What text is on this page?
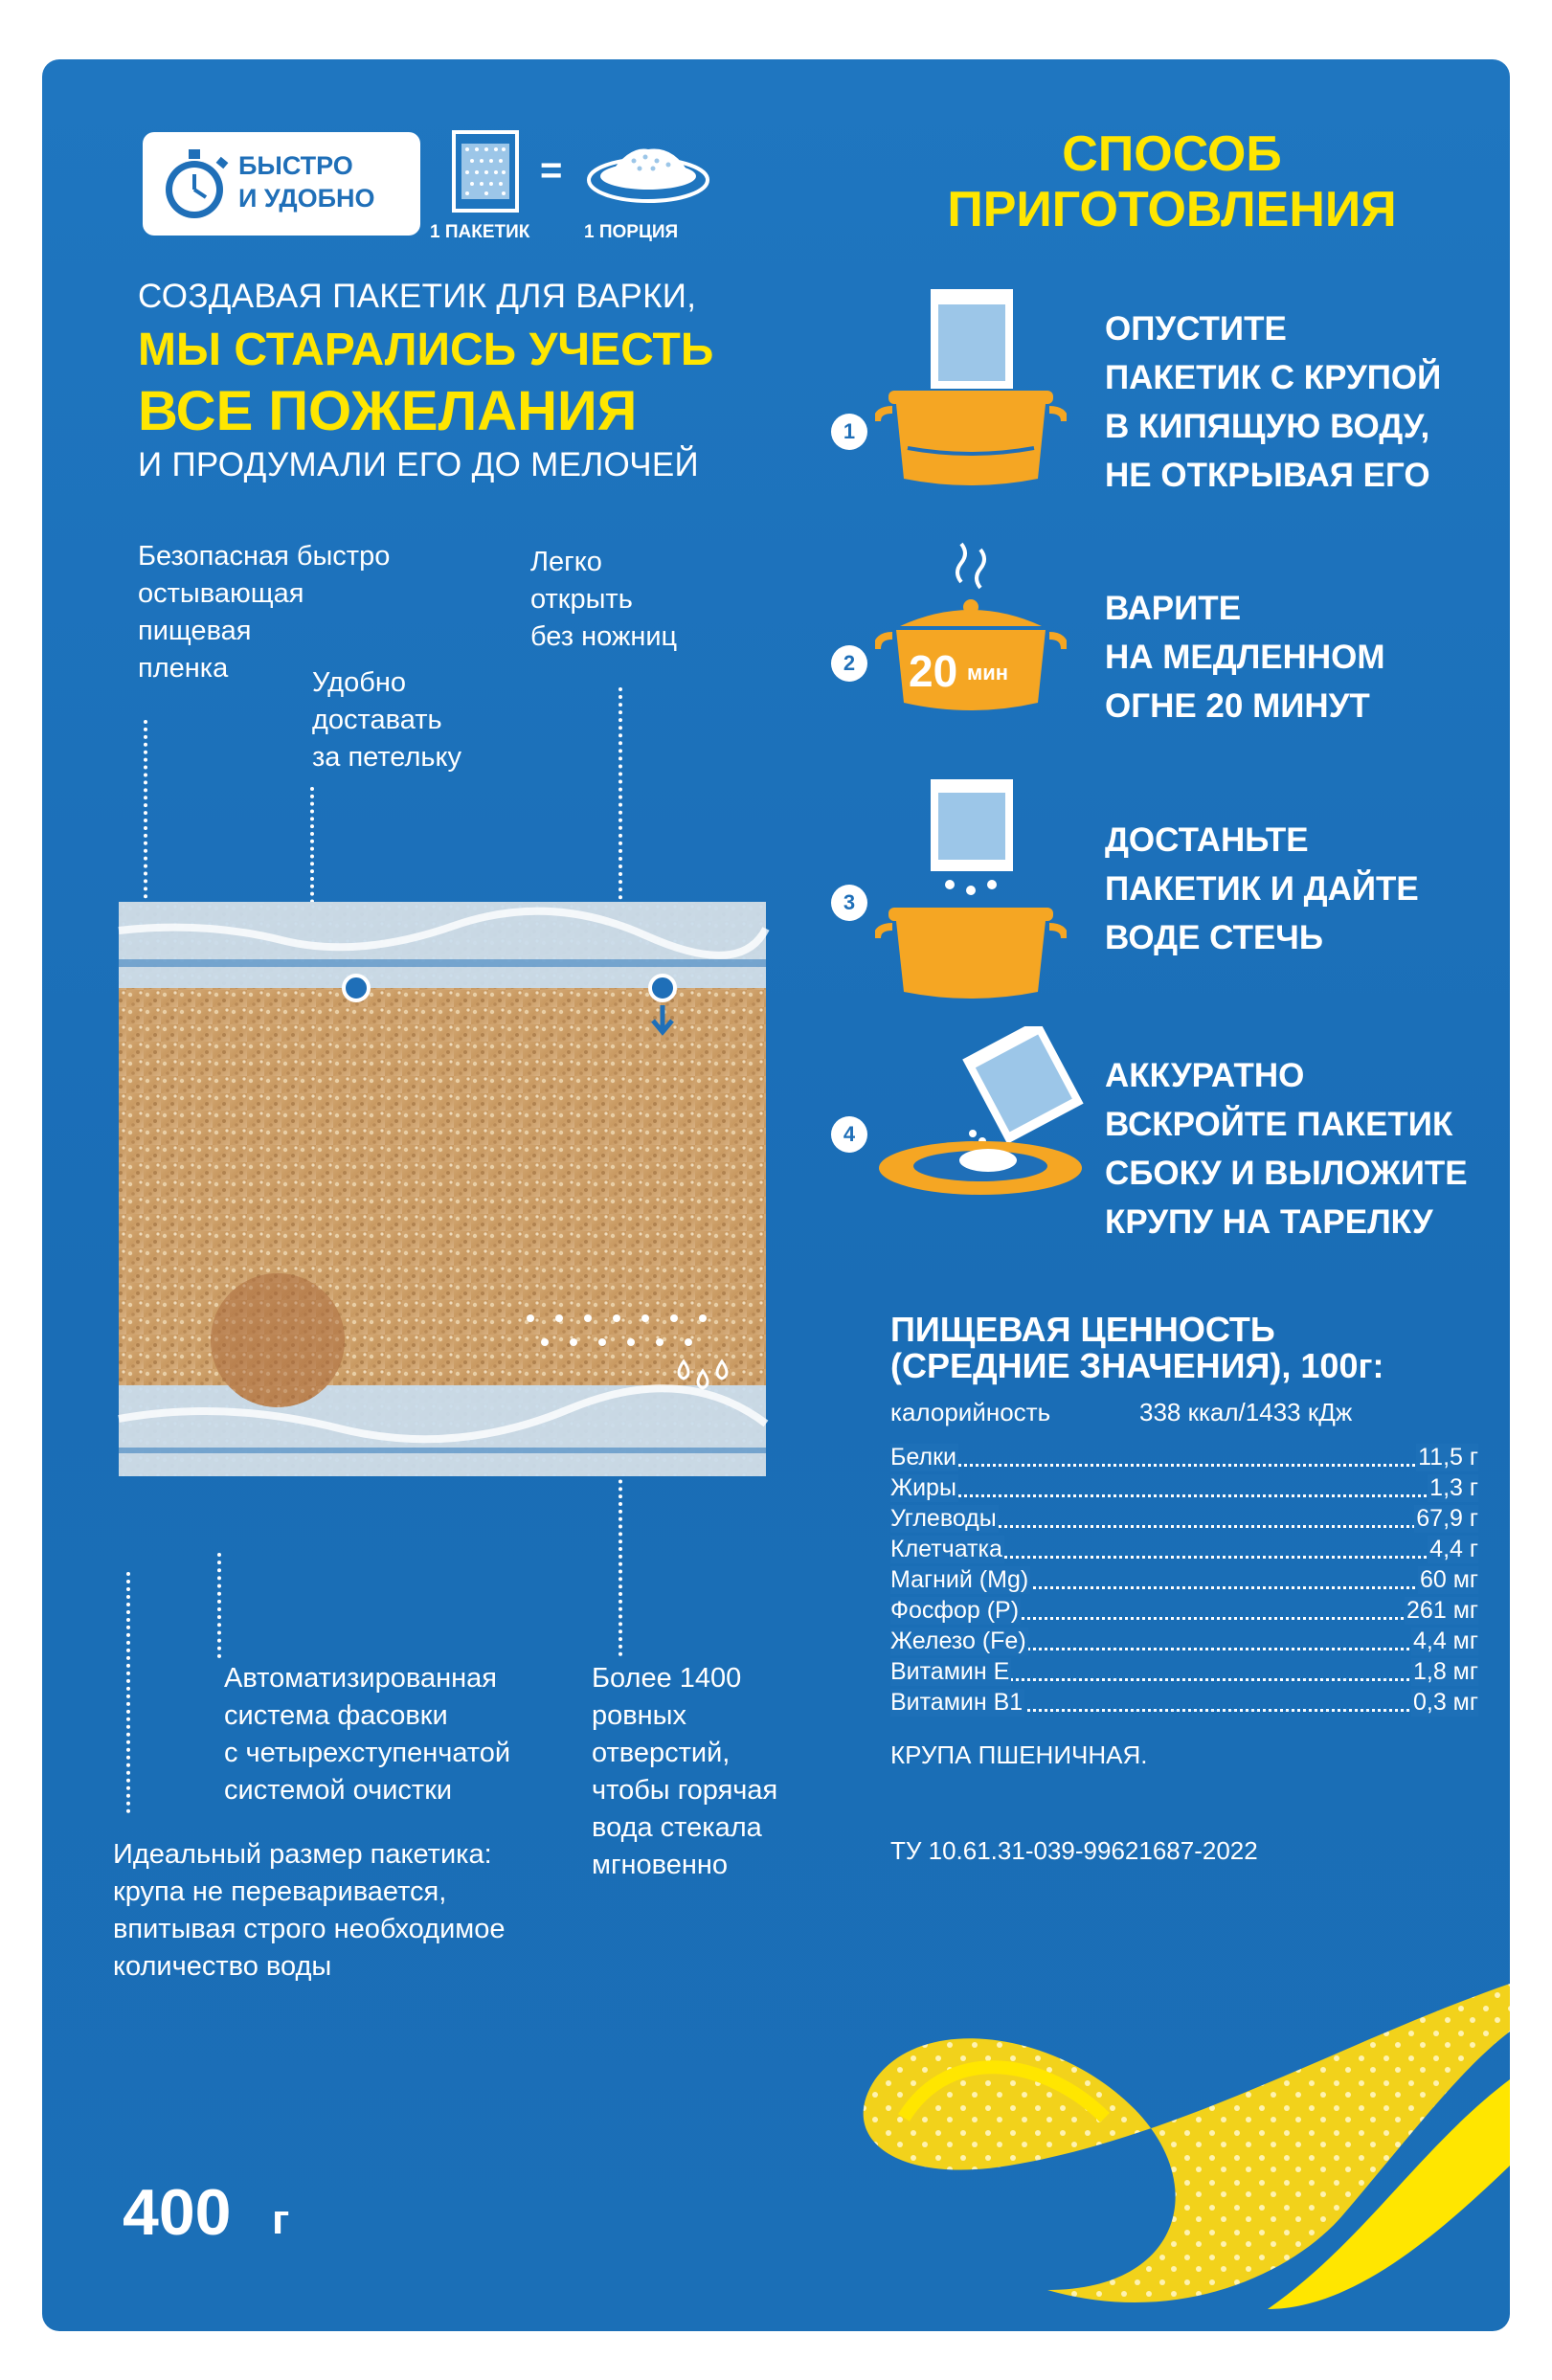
БЫСТРО
И УДОБНО
=
1 ПАКЕТИК	1 ПОРЦИЯ
СОЗДАВАЯ ПАКЕТИК ДЛЯ ВАРКИ,
МЫ СТАРАЛИСЬ УЧЕСТЬ
ВСЕ ПОЖЕЛАНИЯ
И ПРОДУМАЛИ ЕГО ДО МЕЛОЧЕЙ
Безопасная быстро
остывающая
пищевая
пленка	Удобно
доставать
за петельку
Легко
открыть
без ножниц
Автоматизированная
система фасовки
с четырехступенчатой
системой очистки
Более 1400
ровных
отверстий,
чтобы горячая
вода стекала
мгновенно
Идеальный размер пакетика:
крупа не переваривается,
впитывая строго необходимое
количество воды
СПОСОБ
ПРИГОТОВЛЕНИЯ
1
ОПУСТИТЕ
ПАКЕТИК С КРУПОЙ
В КИПЯЩУЮ ВОДУ,
НЕ ОТКРЫВАЯ ЕГО
2 20 мин
ВАРИТЕ
НА МЕДЛЕННОМ
ОГНЕ 20 МИНУТ
3
ДОСТАНЬТЕ
ПАКЕТИК И ДАЙТЕ
ВОДЕ СТЕЧЬ
4
АККУРАТНО
ВСКРОЙТЕ ПАКЕТИК
СБОКУ И ВЫЛОЖИТЕ
КРУПУ НА ТАРЕЛКУ
ПИЩЕВАЯ ЦЕННОСТЬ
(СРЕДНИЕ ЗНАЧЕНИЯ), 100г:
калорийность	338 ккал/1433 кДж
Белки	11,5 г
Жиры	1,3 г
Углеводы	67,9 г
Клетчатка	4,4 г
Магний (Mg)	60 мг
Фосфор (P)	261 мг
Железо (Fe)	4,4 мг
Витамин Е	1,8 мг
Витамин В1	0,3 мг
КРУПА ПШЕНИЧНАЯ.
ТУ 10.61.31-039-99621687-2022
400 г
